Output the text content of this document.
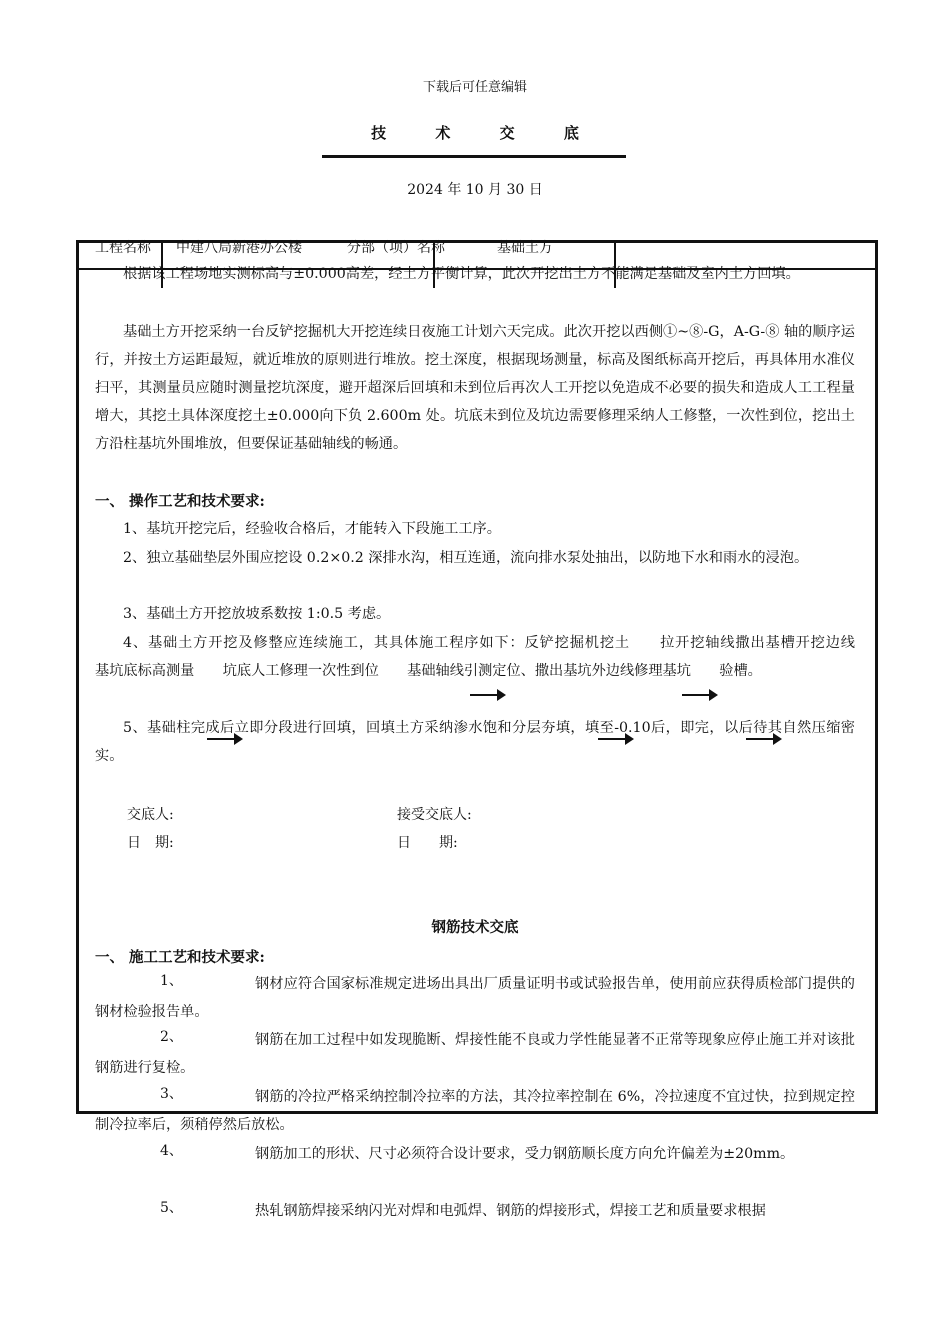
下载后可任意编辑
技 术 交 底
2024 年 10 月 30 日
工程名称 中建八局新港办公楼	分部（项）名称	基础土方
根据该工程场地实测标高与±0.000高差，经土方平衡计算，此次开挖出土方不能满足基础及室内土方回填。
基础土方开挖采纳一台反铲挖掘机大开挖连续日夜施工计划六天完成。此次开挖以西侧①~⑧-G，A-G-⑧ 轴的顺序运行，并按土方运距最短，就近堆放的原则进行堆放。挖土深度，根据现场测量，标高及图纸标高开挖后，再具体用水准仪扫平，其测量员应随时测量挖坑深度，避开超深后回填和未到位后再次人工开挖以免造成不必要的损失和造成人工工程量增大，其挖土具体深度挖土±0.000向下负 2.600m 处。坑底未到位及坑边需要修理采纳人工修整，一次性到位，挖出土方沿柱基坑外围堆放，但要保证基础轴线的畅通。
一、 操作工艺和技术要求:
1、基坑开挖完后，经验收合格后，才能转入下段施工工序。
2、独立基础垫层外围应挖设 0.2×0.2 深排水沟，相互连通，流向排水泵处抽出，以防地下水和雨水的浸泡。
3、基础土方开挖放坡系数按 1:0.5 考虑。
4、基础土方开挖及修整应连续施工，其具体施工程序如下：反铲挖掘机挖土　　拉开挖轴线撒出基槽开挖边线　　基坑底标高测量　　坑底人工修理一次性到位　　基础轴线引测定位、撒出基坑外边线修理基坑　　验槽。
5、基础柱完成后立即分段进行回填，回填土方采纳渗水饱和分层夯填，填至-0.10后，即完，以后待其自然压缩密实。
交底人:	接受交底人:
日　期:	日　　期:
钢筋技术交底
一、 施工工艺和技术要求:
1、	钢材应符合国家标准规定进场出具出厂质量证明书或试验报告单，使用前应获得质检部门提供的钢材检验报告单。
2、	钢筋在加工过程中如发现脆断、焊接性能不良或力学性能显著不正常等现象应停止施工并对该批钢筋进行复检。
3、	钢筋的冷拉严格采纳控制冷拉率的方法，其冷拉率控制在 6%，冷拉速度不宜过快，拉到规定控制冷拉率后，须稍停然后放松。
4、	钢筋加工的形状、尺寸必须符合设计要求，受力钢筋顺长度方向允许偏差为±20mm。
5、	热轧钢筋焊接采纳闪光对焊和电弧焊、钢筋的焊接形式，焊接工艺和质量要求根据
